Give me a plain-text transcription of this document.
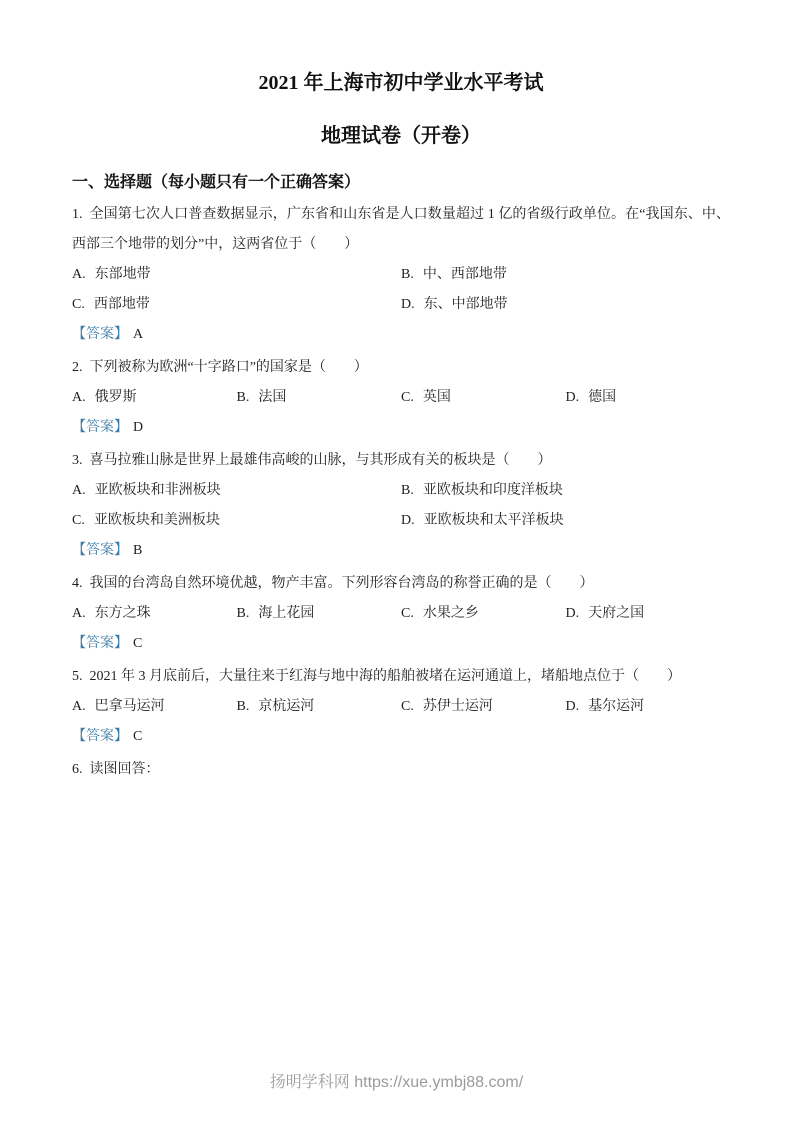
2021 年上海市初中学业水平考试
地理试卷（开卷）
一、选择题（每小题只有一个正确答案）

1. 全国第七次人口普查数据显示，广东省和山东省是人口数量超过 1 亿的省级行政单位。在“我国东、中、西部三个地带的划分”中，这两省位于（　　）

A. 东部地带	B. 中、西部地带
C. 西部地带	D. 东、中部地带

【答案】 A

2. 下列被称为欧洲“十字路口”的国家是（　　）

A. 俄罗斯	B. 法国	C. 英国	D. 德国

【答案】 D

3. 喜马拉雅山脉是世界上最雄伟高峻的山脉，与其形成有关的板块是（　　）

A. 亚欧板块和非洲板块	B. 亚欧板块和印度洋板块
C. 亚欧板块和美洲板块	D. 亚欧板块和太平洋板块

【答案】 B

4. 我国的台湾岛自然环境优越，物产丰富。下列形容台湾岛的称誉正确的是（　　）

A. 东方之珠	B. 海上花园	C. 水果之乡	D. 天府之国

【答案】 C

5. 2021 年 3 月底前后，大量往来于红海与地中海的船舶被堵在运河通道上，堵船地点位于（　　）

A. 巴拿马运河	B. 京杭运河	C. 苏伊士运河	D. 基尔运河

【答案】 C

6. 读图回答：

扬明学科网 https://xue.ymbj88.com/
